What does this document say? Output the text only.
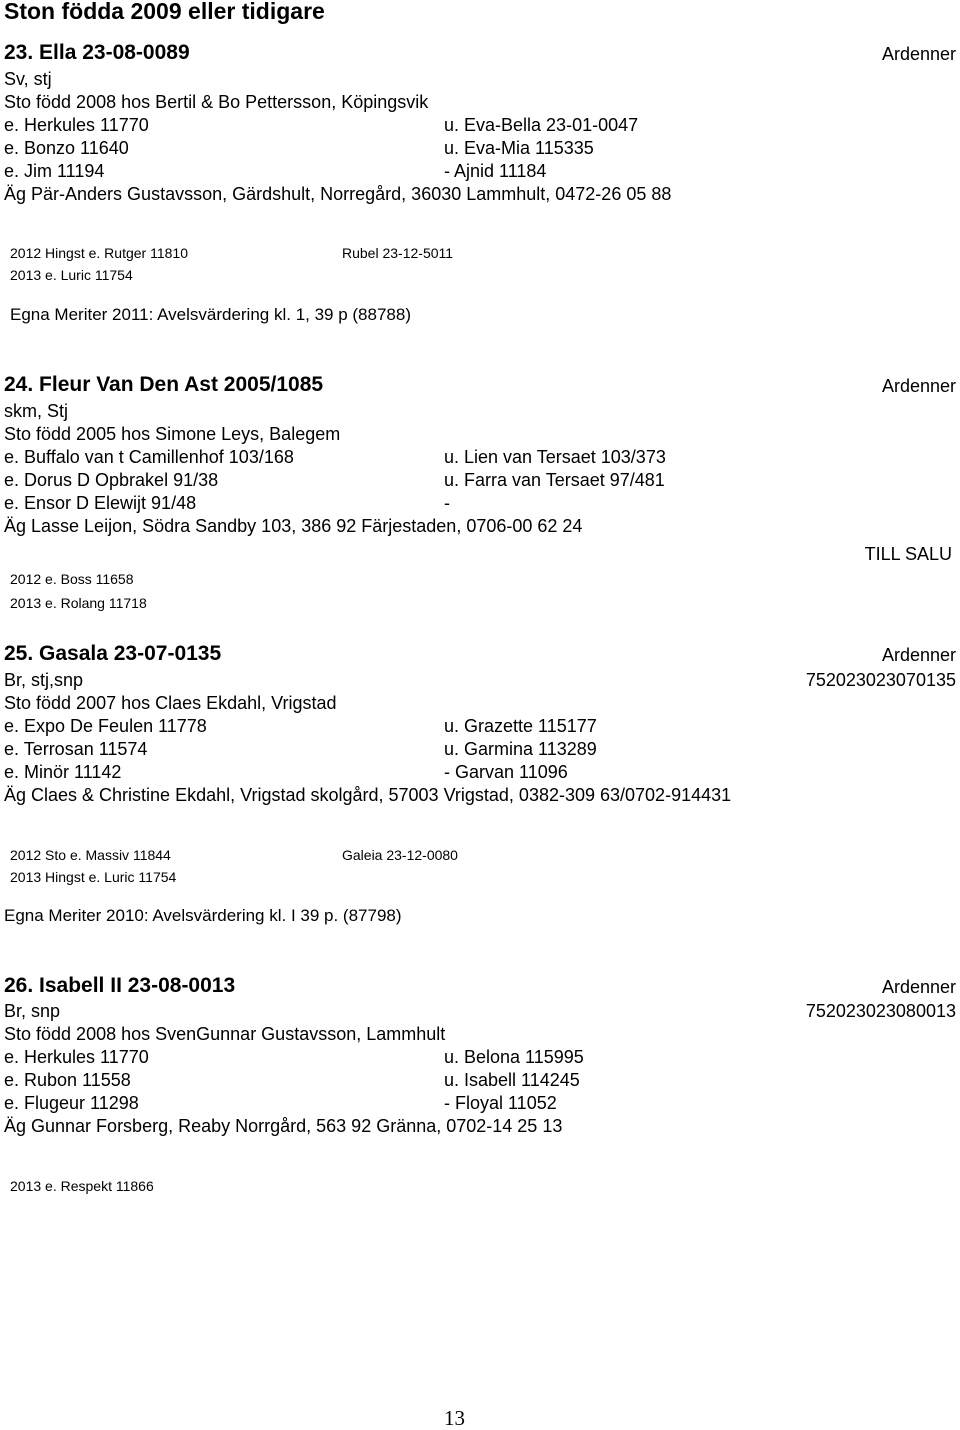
Ston födda 2009 eller tidigare
23. Ella 23-08-0089	Ardenner
Sv, stj
Sto född 2008 hos Bertil & Bo Pettersson, Köpingsvik
e. Herkules 11770	u. Eva-Bella 23-01-0047
e. Bonzo 11640	u. Eva-Mia 115335
e. Jim 11194	- Ajnid 11184
Äg Pär-Anders Gustavsson, Gärdshult, Norregård, 36030 Lammhult, 0472-26 05 88
2012 Hingst e. Rutger 11810	Rubel 23-12-5011
2013 e. Luric 11754
Egna Meriter 2011: Avelsvärdering kl. 1, 39 p (88788)
24. Fleur Van Den Ast 2005/1085	Ardenner
skm, Stj
Sto född 2005 hos Simone Leys, Balegem
e. Buffalo van t Camillenhof 103/168	u. Lien van Tersaet 103/373
e. Dorus D Opbrakel 91/38	u. Farra van Tersaet 97/481
e. Ensor D Elewijt 91/48	-
Äg Lasse Leijon, Södra Sandby 103, 386 92 Färjestaden, 0706-00 62 24
TILL SALU
2012 e. Boss 11658
2013 e. Rolang 11718
25. Gasala 23-07-0135	Ardenner
Br, stj,snp	752023023070135
Sto född 2007 hos Claes Ekdahl, Vrigstad
e. Expo De Feulen 11778	u. Grazette 115177
e. Terrosan 11574	u. Garmina 113289
e. Minör 11142	- Garvan 11096
Äg Claes & Christine Ekdahl, Vrigstad skolgård, 57003 Vrigstad, 0382-309 63/0702-914431
2012 Sto e. Massiv 11844	Galeia 23-12-0080
2013 Hingst e. Luric 11754
Egna Meriter 2010: Avelsvärdering kl. I 39 p. (87798)
26. Isabell II 23-08-0013	Ardenner
Br, snp	752023023080013
Sto född 2008 hos SvenGunnar Gustavsson, Lammhult
e. Herkules 11770	u. Belona 115995
e. Rubon 11558	u. Isabell 114245
e. Flugeur 11298	- Floyal 11052
Äg Gunnar Forsberg, Reaby Norrgård, 563 92 Gränna, 0702-14 25 13
2013 e. Respekt 11866
13
